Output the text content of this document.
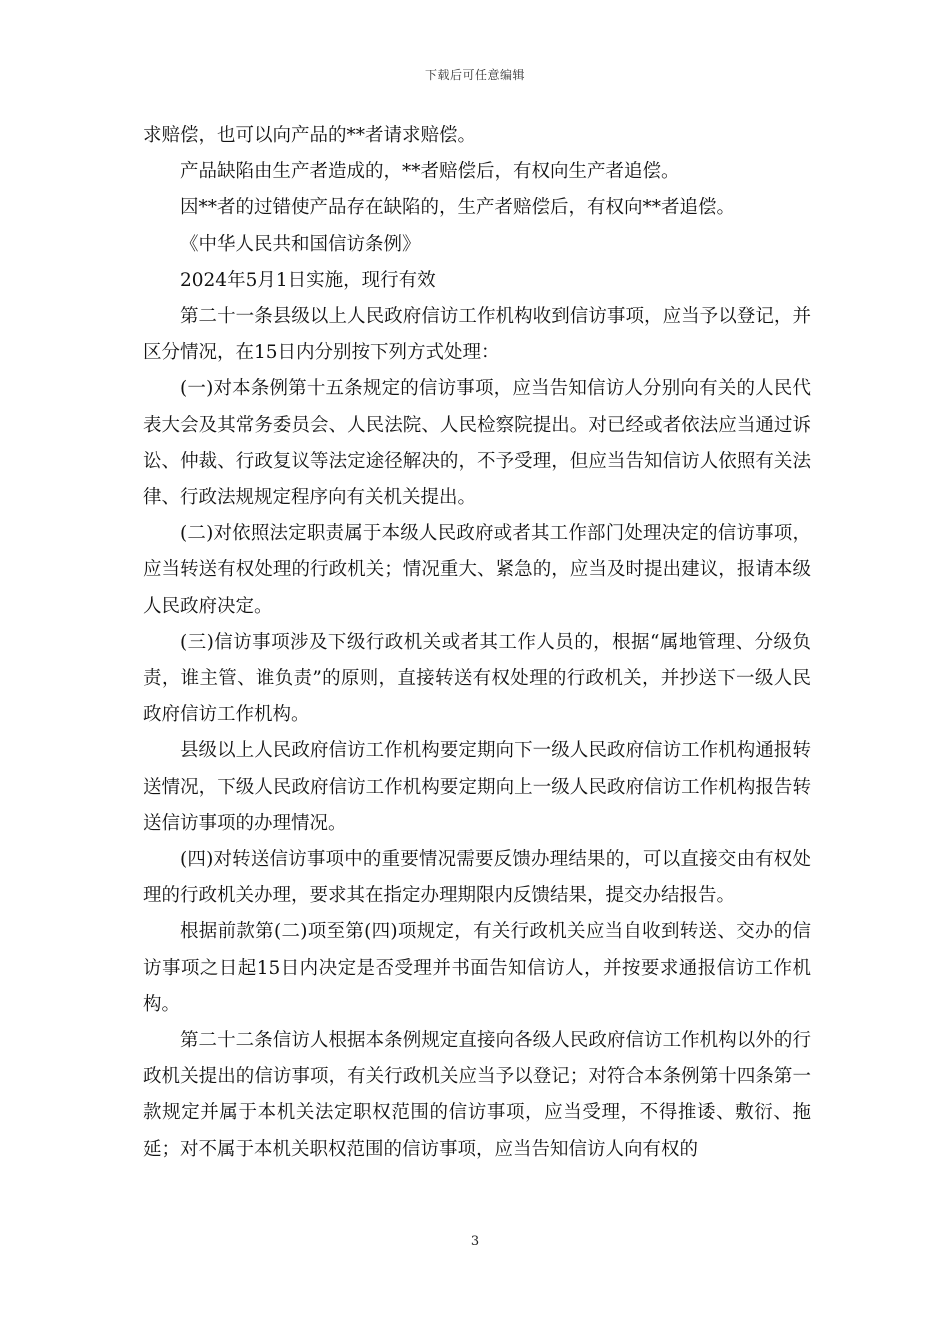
下载后可任意编辑

求赔偿，也可以向产品的**者请求赔偿。

产品缺陷由生产者造成的，**者赔偿后，有权向生产者追偿。

因**者的过错使产品存在缺陷的，生产者赔偿后，有权向**者追偿。

《中华人民共和国信访条例》

2024年5月1日实施，现行有效

第二十一条县级以上人民政府信访工作机构收到信访事项，应当予以登记，并区分情况，在15日内分别按下列方式处理：

(一)对本条例第十五条规定的信访事项，应当告知信访人分别向有关的人民代表大会及其常务委员会、人民法院、人民检察院提出。对已经或者依法应当通过诉讼、仲裁、行政复议等法定途径解决的，不予受理，但应当告知信访人依照有关法律、行政法规规定程序向有关机关提出。

(二)对依照法定职责属于本级人民政府或者其工作部门处理决定的信访事项，应当转送有权处理的行政机关；情况重大、紧急的，应当及时提出建议，报请本级人民政府决定。

(三)信访事项涉及下级行政机关或者其工作人员的，根据“属地管理、分级负责，谁主管、谁负责”的原则，直接转送有权处理的行政机关，并抄送下一级人民政府信访工作机构。

县级以上人民政府信访工作机构要定期向下一级人民政府信访工作机构通报转送情况，下级人民政府信访工作机构要定期向上一级人民政府信访工作机构报告转送信访事项的办理情况。

(四)对转送信访事项中的重要情况需要反馈办理结果的，可以直接交由有权处理的行政机关办理，要求其在指定办理期限内反馈结果，提交办结报告。

根据前款第(二)项至第(四)项规定，有关行政机关应当自收到转送、交办的信访事项之日起15日内决定是否受理并书面告知信访人，并按要求通报信访工作机构。

第二十二条信访人根据本条例规定直接向各级人民政府信访工作机构以外的行政机关提出的信访事项，有关行政机关应当予以登记；对符合本条例第十四条第一款规定并属于本机关法定职权范围的信访事项，应当受理，不得推诿、敷衍、拖延；对不属于本机关职权范围的信访事项，应当告知信访人向有权的

3
